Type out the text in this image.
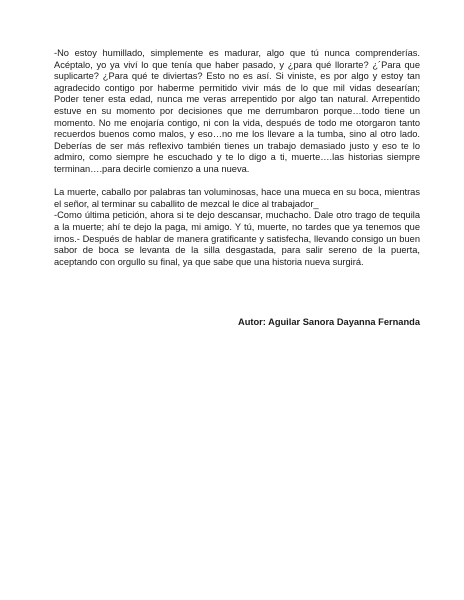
-No estoy humillado, simplemente es madurar, algo que tú nunca comprenderías. Acéptalo, yo ya viví lo que tenía que haber pasado, y ¿para qué llorarte? ¿´Para que suplicarte? ¿Para qué te diviertas? Esto no es así. Si viniste, es por algo y estoy tan agradecido contigo por haberme permitido vivir más de lo que mil vidas desearían; Poder tener esta edad, nunca me veras arrepentido por algo tan natural. Arrepentido estuve en su momento por decisiones que me derrumbaron porque…todo tiene un momento. No me enojaría contigo, ni con la vida, después de todo me otorgaron tanto recuerdos buenos como malos, y eso…no me los llevare a la tumba, sino al otro lado. Deberías de ser más reflexivo también tienes un trabajo demasiado justo y eso te lo admiro, como siempre he escuchado y te lo digo a ti, muerte….las historias siempre terminan….para decirle comienzo a una nueva.

La muerte, caballo por palabras tan voluminosas, hace una mueca en su boca, mientras el señor, al terminar su caballito de mezcal le dice al trabajador_
-Como última petición, ahora si te dejo descansar, muchacho. Dale otro trago de tequila a la muerte; ahí te dejo la paga, mi amigo. Y tú, muerte, no tardes que ya tenemos que irnos.- Después de hablar de manera gratificante y satisfecha, llevando consigo un buen sabor de boca se levanta de la silla desgastada, para salir sereno de la puerta, aceptando con orgullo su final, ya que sabe que una historia nueva surgirá.

Autor: Aguilar Sanora Dayanna Fernanda
